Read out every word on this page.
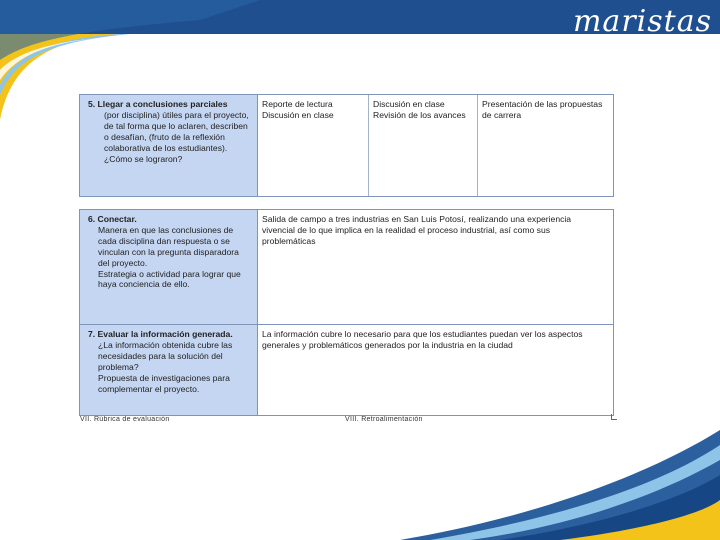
maristas
5. Llegar a conclusiones parciales
(por disciplina) útiles para el proyecto, de tal forma que lo aclaren, describen o desafían, (fruto de la reflexión colaborativa de los estudiantes).
¿Cómo se lograron?
Reporte de lectura
Discusión en clase
Discusión en clase
Revisión de los avances
Presentación de las propuestas de carrera
6. Conectar.
Manera en que las conclusiones de cada disciplina dan respuesta o se vinculan con la pregunta disparadora del proyecto.
Estrategia o actividad para lograr que haya conciencia de ello.
Salida de campo a tres industrias en San Luis Potosí, realizando una experiencia vivencial de lo que implica en la realidad el proceso industrial, así como sus problemáticas
7. Evaluar la información generada.
¿La información obtenida cubre las necesidades para la solución del problema?
Propuesta de investigaciones para complementar el proyecto.
La información cubre lo necesario para que los estudiantes puedan ver los aspectos generales y problemáticos generados por la industria en la ciudad
VII. Rúbrica de evaluación	VIII. Retroalimentación
